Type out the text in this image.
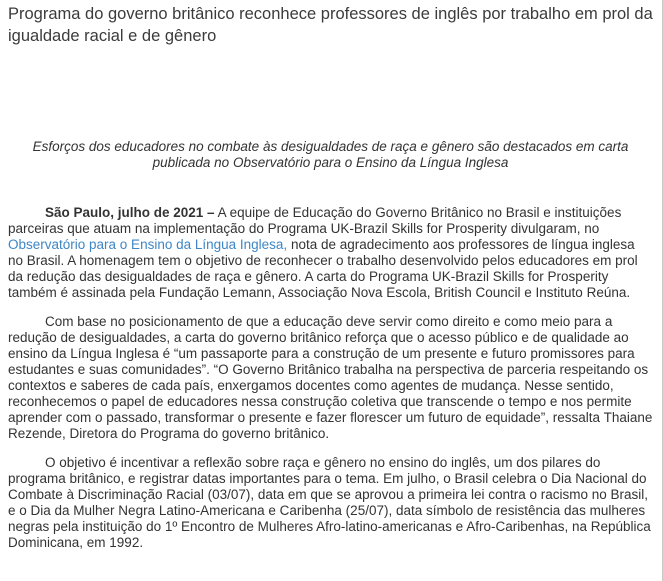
Programa do governo britânico reconhece professores de inglês por trabalho em prol da igualdade racial e de gênero

Esforços dos educadores no combate às desigualdades de raça e gênero são destacados em carta publicada no Observatório para o Ensino da Língua Inglesa

São Paulo, julho de 2021 – A equipe de Educação do Governo Britânico no Brasil e instituições parceiras que atuam na implementação do Programa UK-Brazil Skills for Prosperity divulgaram, no Observatório para o Ensino da Língua Inglesa, nota de agradecimento aos professores de língua inglesa no Brasil. A homenagem tem o objetivo de reconhecer o trabalho desenvolvido pelos educadores em prol da redução das desigualdades de raça e gênero. A carta do Programa UK-Brazil Skills for Prosperity também é assinada pela Fundação Lemann, Associação Nova Escola, British Council e Instituto Reúna.

Com base no posicionamento de que a educação deve servir como direito e como meio para a redução de desigualdades, a carta do governo britânico reforça que o acesso público e de qualidade ao ensino da Língua Inglesa é “um passaporte para a construção de um presente e futuro promissores para estudantes e suas comunidades”. “O Governo Britânico trabalha na perspectiva de parceria respeitando os contextos e saberes de cada país, enxergamos docentes como agentes de mudança. Nesse sentido, reconhecemos o papel de educadores nessa construção coletiva que transcende o tempo e nos permite aprender com o passado, transformar o presente e fazer florescer um futuro de equidade”, ressalta Thaiane Rezende, Diretora do Programa do governo britânico.

O objetivo é incentivar a reflexão sobre raça e gênero no ensino do inglês, um dos pilares do programa britânico, e registrar datas importantes para o tema. Em julho, o Brasil celebra o Dia Nacional do Combate à Discriminação Racial (03/07), data em que se aprovou a primeira lei contra o racismo no Brasil, e o Dia da Mulher Negra Latino-Americana e Caribenha (25/07), data símbolo de resistência das mulheres negras pela instituição do 1º Encontro de Mulheres Afro-latino-americanas e Afro-Caribenhas, na República Dominicana, em 1992.
